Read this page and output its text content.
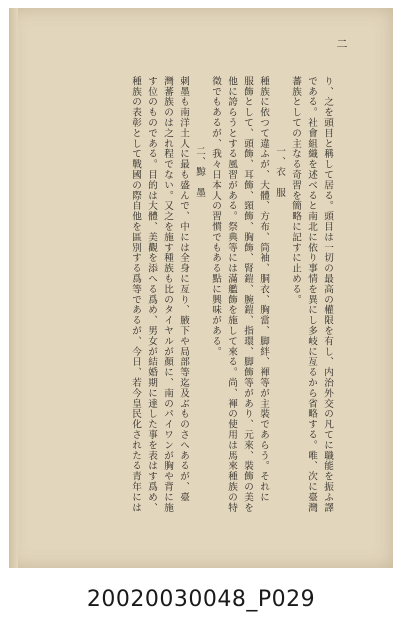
二
り、之を頭目と稱して居る。頭目は一切の最高の權限を有し、内治外交の凡てに職能を振ふ譯
である。社會組織を述べると南北に依り事情を異にし多岐に亙るから省略する。唯、次に臺灣
蕃族としての主なる奇習を簡略に記すに止める。
一、衣　服
種族に依つて違ふが、大體、方布、筒袖、胴衣、胸當、脚絆、褌等が主裝であらう。それに
服飾として、頭飾、耳飾、頸飾、胸飾、腎鎧、腕鎧、指環、脚飾等があり、元來、裝飾の美を
他に誇らうとする風習がある。祭典等には滿艦飾を施して來る。尚、褌の使用は馬來種族の特
徵でもあるが、我々日本人の習慣でもある點に興味がある。
二、黥　墨
刺墨も南洋土人に最も盛んで、中には全身に亙り、腋下や局部等迄及ぶものさへあるが、臺
灣蕃族のは之れ程でない。又之を施す種族も比のタイヤルが顏に、南のパイワンが胸や背に施
す位のものである。目的は大體、美觀を添へる爲め、男女が結婚期に達した事を表はす爲め、
種族の表彰として戰國の際自他を區別する爲等であるが、今日、若今皇民化されたる青年には
20020030048_P029
